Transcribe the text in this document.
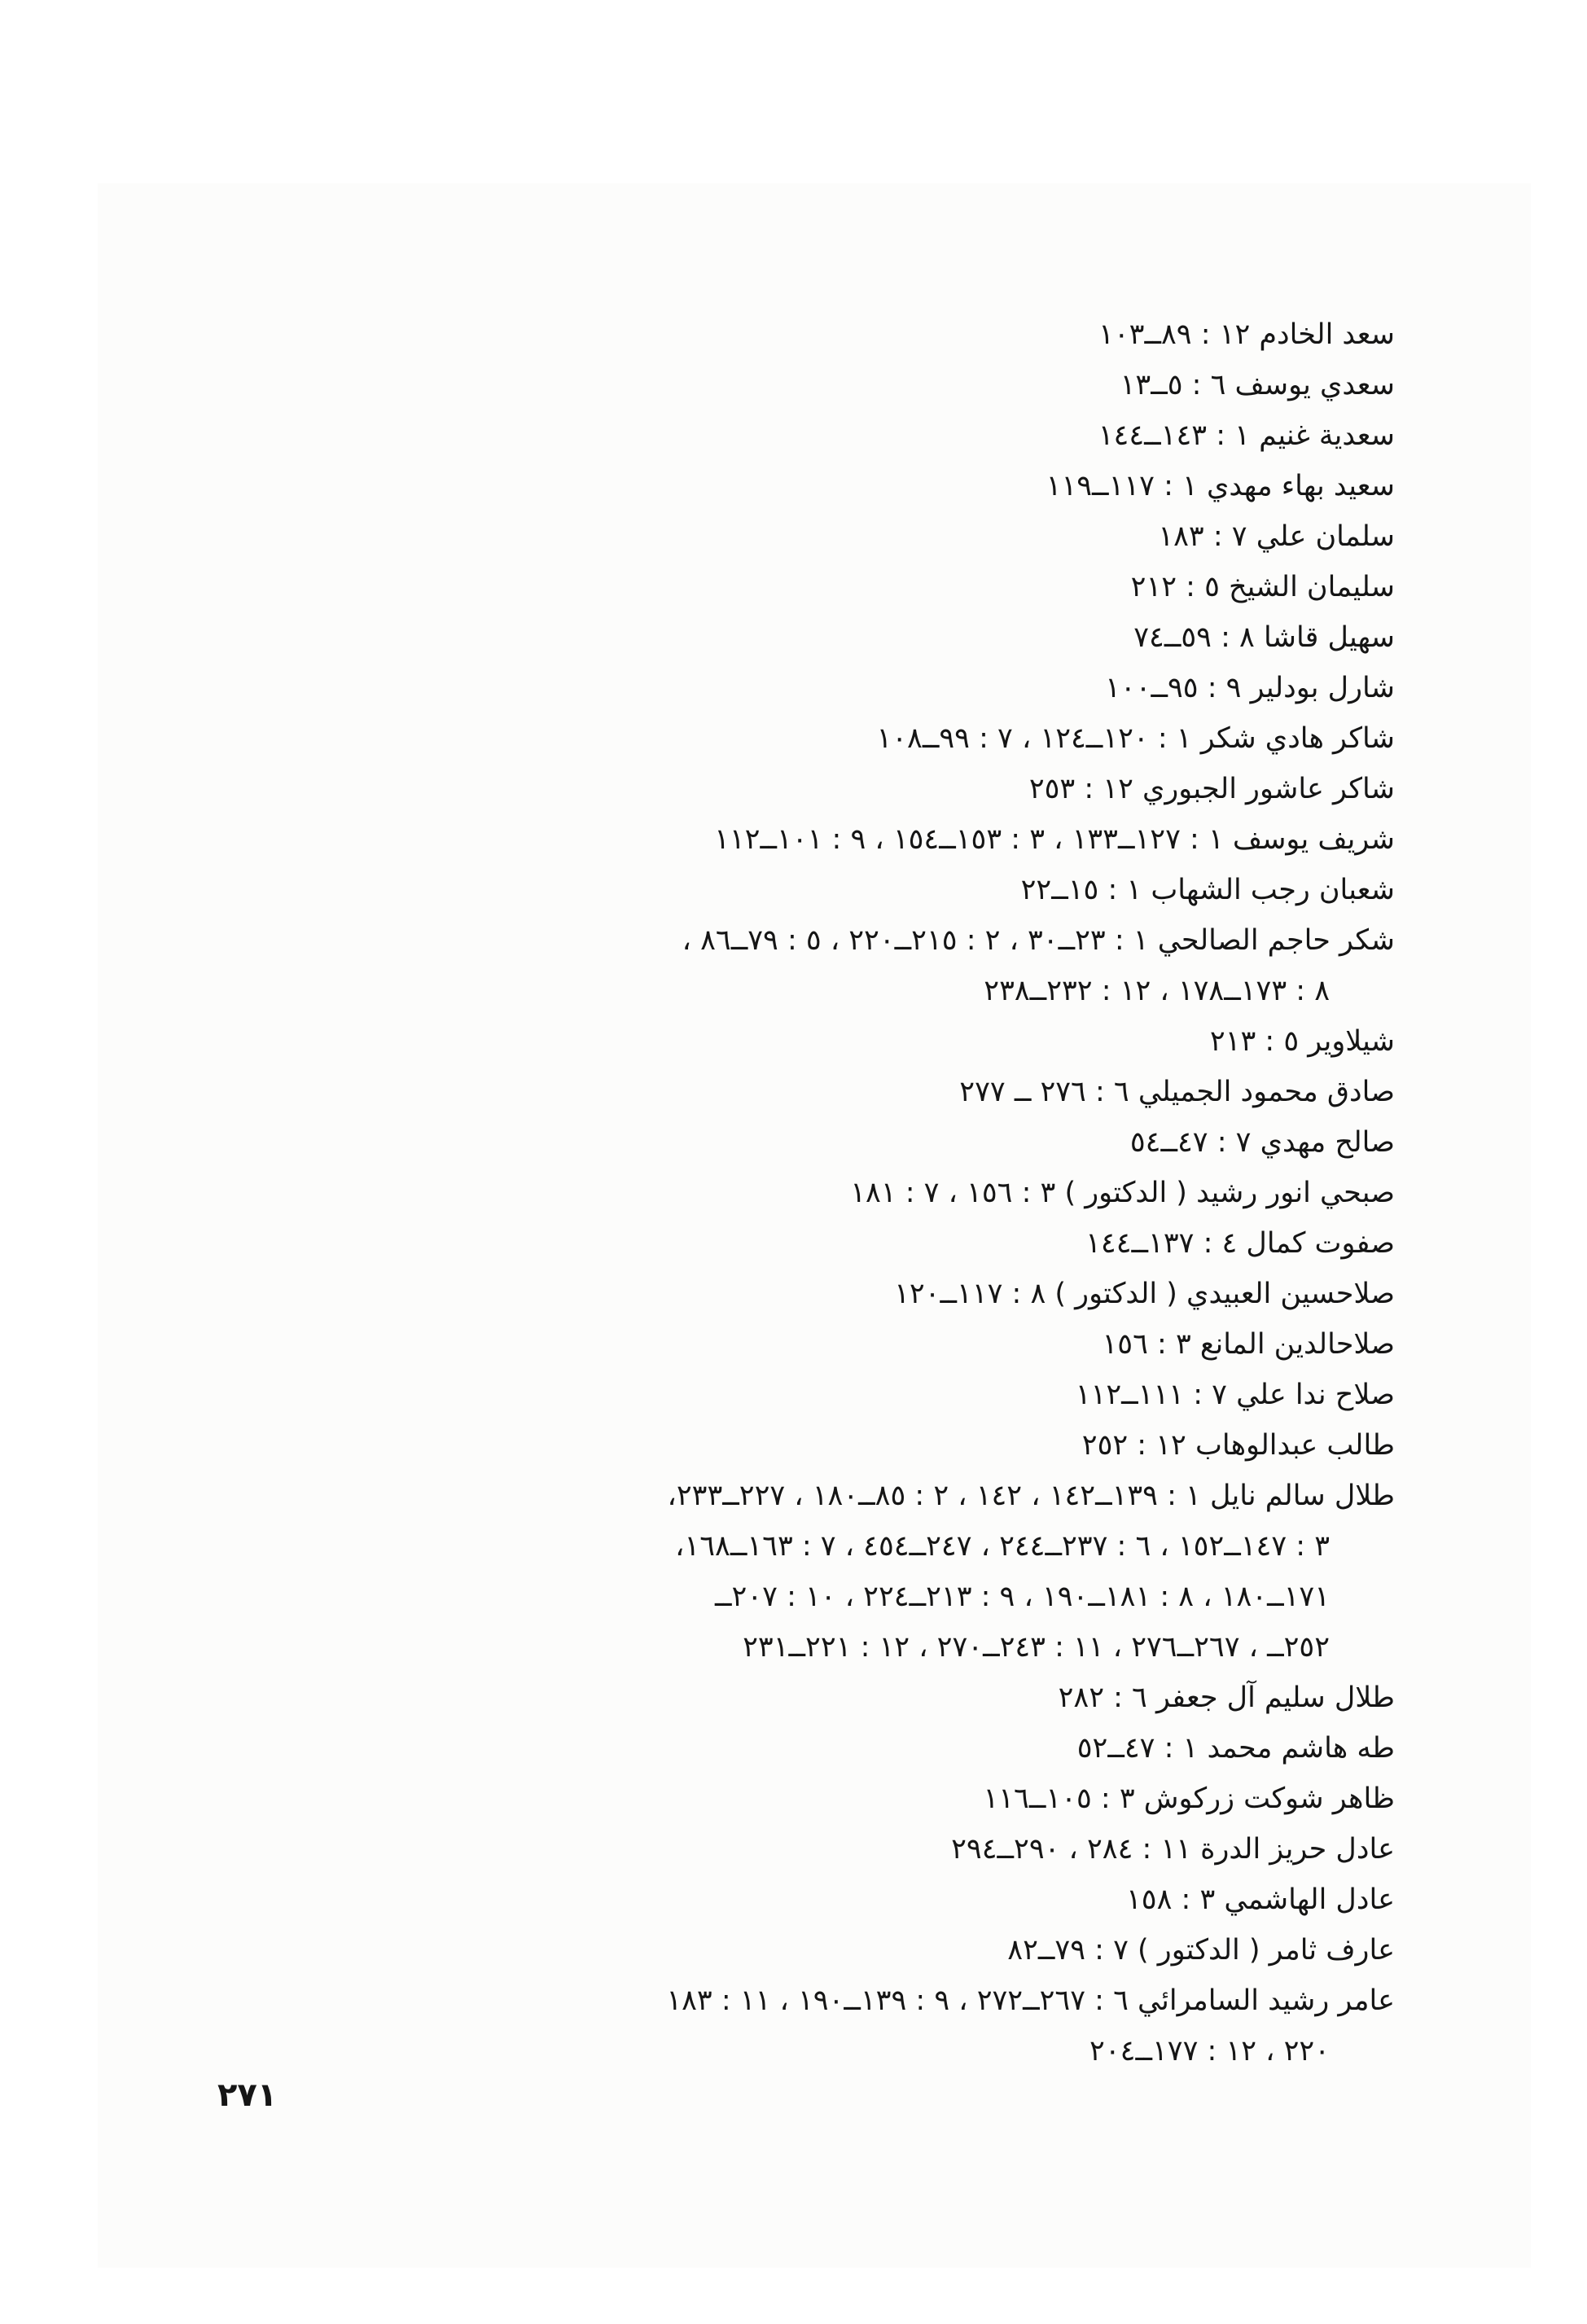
سعد الخادم ١٢ : ٨٩ــ١٠٣
سعدي يوسف ٦ : ٥ــ١٣
سعدية غنيم ١ : ١٤٣ــ١٤٤
سعيد بهاء مهدي ١ : ١١٧ــ١١٩
سلمان علي ٧ : ١٨٣
سليمان الشيخ ٥ : ٢١٢
سهيل قاشا ٨ : ٥٩ــ٧٤
شارل بودلير ٩ : ٩٥ــ١٠٠
شاكر هادي شكر ١ : ١٢٠ــ١٢٤ ، ٧ : ٩٩ــ١٠٨
شاكر عاشور الجبوري ١٢ : ٢٥٣
شريف يوسف ١ : ١٢٧ــ١٣٣ ، ٣ : ١٥٣ــ١٥٤ ، ٩ : ١٠١ــ١١٢
شعبان رجب الشهاب ١ : ١٥ــ٢٢
شكر حاجم الصالحي ١ : ٢٣ــ٣٠ ، ٢ : ٢١٥ــ٢٢٠ ، ٥ : ٧٩ــ٨٦ ،
٨ : ١٧٣ــ١٧٨ ، ١٢ : ٢٣٢ــ٢٣٨
شيلاوير ٥ : ٢١٣
صادق محمود الجميلي ٦ : ٢٧٦ ــ ٢٧٧
صالح مهدي ٧ : ٤٧ــ٥٤
صبحي انور رشيد ( الدكتور ) ٣ : ١٥٦ ، ٧ : ١٨١
صفوت كمال ٤ : ١٣٧ــ١٤٤
صلاحسين العبيدي ( الدكتور ) ٨ : ١١٧ــ١٢٠
صلاحالدين المانع ٣ : ١٥٦
صلاح ندا علي ٧ : ١١١ــ١١٢
طالب عبدالوهاب ١٢ : ٢٥٢
طلال سالم نايل ١ : ١٣٩ــ١٤٢ ، ١٤٢ ، ٢ : ٨٥ــ١٨٠ ، ٢٢٧ــ٢٣٣،
٣ : ١٤٧ــ١٥٢ ، ٦ : ٢٣٧ــ٢٤٤ ، ٢٤٧ــ٤٥٤ ، ٧ : ١٦٣ــ١٦٨،
١٧١ــ١٨٠ ، ٨ : ١٨١ــ١٩٠ ، ٩ : ٢١٣ــ٢٢٤ ، ١٠ : ٢٠٧ــ
٢٥٢ــ ، ٢٦٧ــ٢٧٦ ، ١١ : ٢٤٣ــ٢٧٠ ، ١٢ : ٢٢١ــ٢٣١
طلال سليم آل جعفر ٦ : ٢٨٢
طه هاشم محمد ١ : ٤٧ــ٥٢
ظاهر شوكت زركوش ٣ : ١٠٥ــ١١٦
عادل حريز الدرة ١١ : ٢٨٤ ، ٢٩٠ــ٢٩٤
عادل الهاشمي ٣ : ١٥٨
عارف ثامر ( الدكتور ) ٧ : ٧٩ــ٨٢
عامر رشيد السامرائي ٦ : ٢٦٧ــ٢٧٢ ، ٩ : ١٣٩ــ١٩٠ ، ١١ : ١٨٣
٢٢٠ ، ١٢ : ١٧٧ــ٢٠٤
٢٧١
